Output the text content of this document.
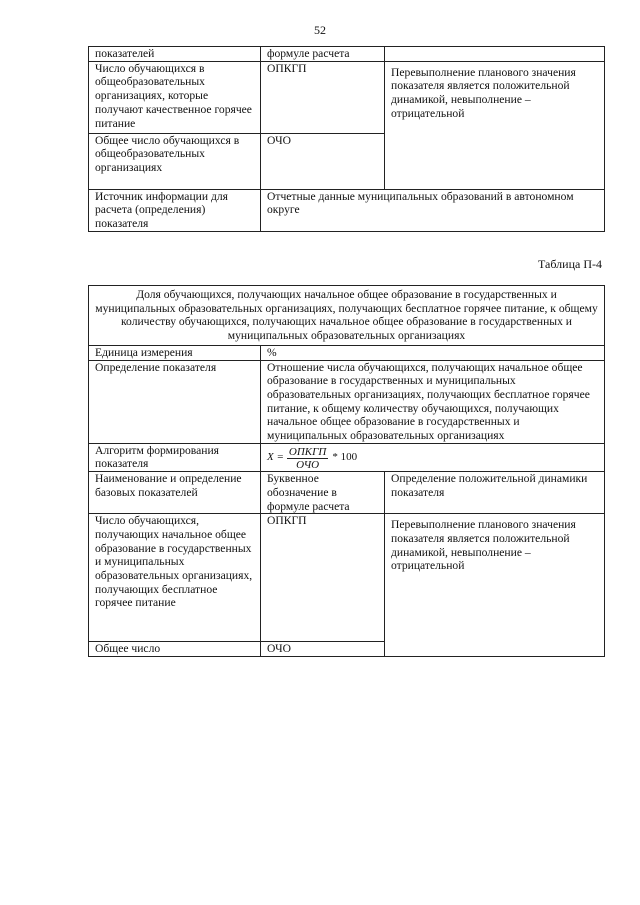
52
показателей	формуле расчета	
Число обучающихся в общеобразовательных организациях, которые получают качественное горячее питание	ОПКГП	Перевыполнение планового значения показателя является положительной динамикой, невыполнение – отрицательной
Общее число обучающихся в общеобразовательных организациях	ОЧО	
Источник информации для расчета (определения) показателя	Отчетные данные муниципальных образований в автономном округе	
Таблица П-4
Доля обучающихся, получающих начальное общее образование в государственных и муниципальных образовательных организациях, получающих бесплатное горячее питание, к общему количеству обучающихся, получающих начальное общее образование в государственных и муниципальных образовательных организациях		
Единица измерения	%	
Определение показателя	Отношение числа обучающихся, получающих начальное общее образование в государственных и муниципальных образовательных организациях, получающих бесплатное горячее питание, к общему количеству обучающихся, получающих начальное общее образование в государственных и муниципальных образовательных организациях	
Алгоритм формирования показателя	$X = \frac{\text{ОПКГП}}{\text{ОЧО}} * 100$	

Наименование и определение базовых показателей	Буквенное обозначение в формуле расчета	Определение положительной динамики показателя
Число обучающихся, получающих начальное общее образование в государственных и муниципальных образовательных организациях, получающих бесплатное горячее питание	ОПКГП	Перевыполнение планового значения показателя является положительной динамикой, невыполнение – отрицательной
Общее число	ОЧО	
